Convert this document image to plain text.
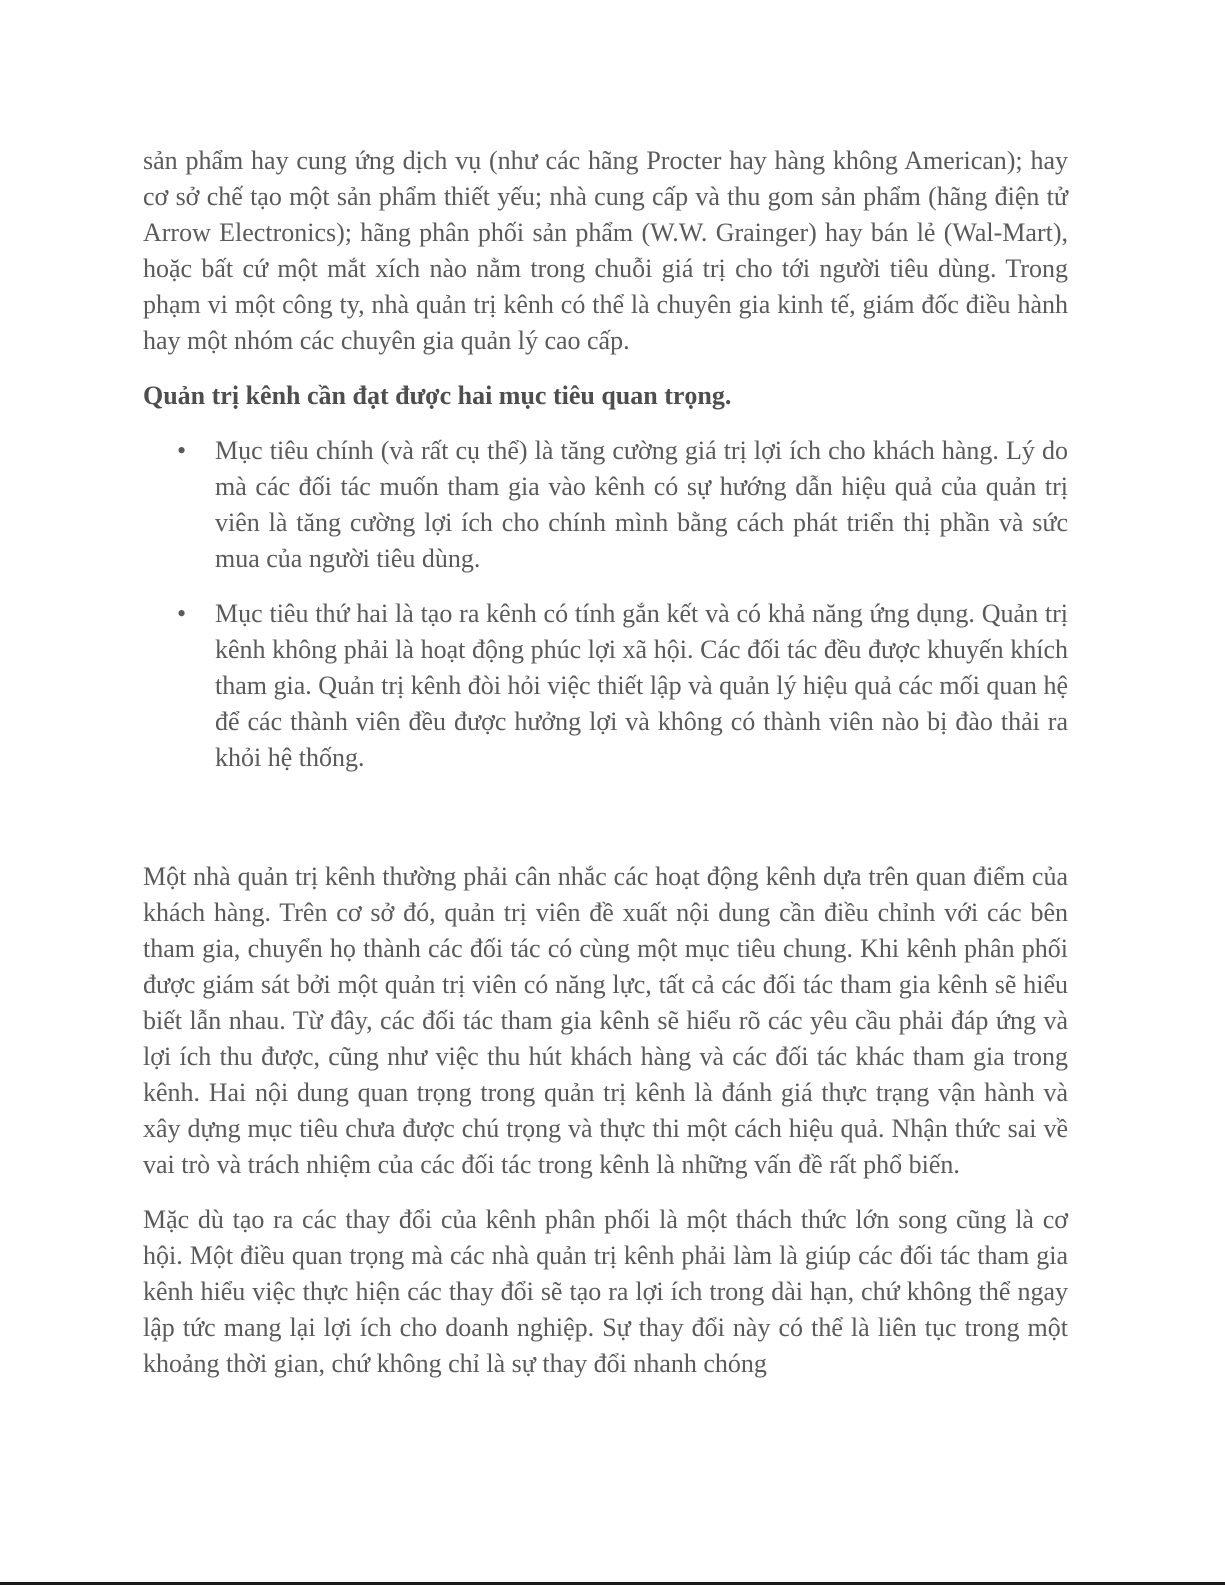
sản phẩm hay cung ứng dịch vụ (như các hãng Procter hay hàng không American); hay cơ sở chế tạo một sản phẩm thiết yếu; nhà cung cấp và thu gom sản phẩm (hãng điện tử Arrow Electronics); hãng phân phối sản phẩm (W.W. Grainger) hay bán lẻ (Wal-Mart), hoặc bất cứ một mắt xích nào nằm trong chuỗi giá trị cho tới người tiêu dùng. Trong phạm vi một công ty, nhà quản trị kênh có thể là chuyên gia kinh tế, giám đốc điều hành hay một nhóm các chuyên gia quản lý cao cấp.

Quản trị kênh cần đạt được hai mục tiêu quan trọng.

• Mục tiêu chính (và rất cụ thể) là tăng cường giá trị lợi ích cho khách hàng. Lý do mà các đối tác muốn tham gia vào kênh có sự hướng dẫn hiệu quả của quản trị viên là tăng cường lợi ích cho chính mình bằng cách phát triển thị phần và sức mua của người tiêu dùng.
• Mục tiêu thứ hai là tạo ra kênh có tính gắn kết và có khả năng ứng dụng. Quản trị kênh không phải là hoạt động phúc lợi xã hội. Các đối tác đều được khuyến khích tham gia. Quản trị kênh đòi hỏi việc thiết lập và quản lý hiệu quả các mối quan hệ để các thành viên đều được hưởng lợi và không có thành viên nào bị đào thải ra khỏi hệ thống.

Một nhà quản trị kênh thường phải cân nhắc các hoạt động kênh dựa trên quan điểm của khách hàng. Trên cơ sở đó, quản trị viên đề xuất nội dung cần điều chỉnh với các bên tham gia, chuyển họ thành các đối tác có cùng một mục tiêu chung. Khi kênh phân phối được giám sát bởi một quản trị viên có năng lực, tất cả các đối tác tham gia kênh sẽ hiểu biết lẫn nhau. Từ đây, các đối tác tham gia kênh sẽ hiểu rõ các yêu cầu phải đáp ứng và lợi ích thu được, cũng như việc thu hút khách hàng và các đối tác khác tham gia trong kênh. Hai nội dung quan trọng trong quản trị kênh là đánh giá thực trạng vận hành và xây dựng mục tiêu chưa được chú trọng và thực thi một cách hiệu quả. Nhận thức sai về vai trò và trách nhiệm của các đối tác trong kênh là những vấn đề rất phổ biến.

Mặc dù tạo ra các thay đổi của kênh phân phối là một thách thức lớn song cũng là cơ hội. Một điều quan trọng mà các nhà quản trị kênh phải làm là giúp các đối tác tham gia kênh hiểu việc thực hiện các thay đổi sẽ tạo ra lợi ích trong dài hạn, chứ không thể ngay lập tức mang lại lợi ích cho doanh nghiệp. Sự thay đổi này có thể là liên tục trong một khoảng thời gian, chứ không chỉ là sự thay đổi nhanh chóng
